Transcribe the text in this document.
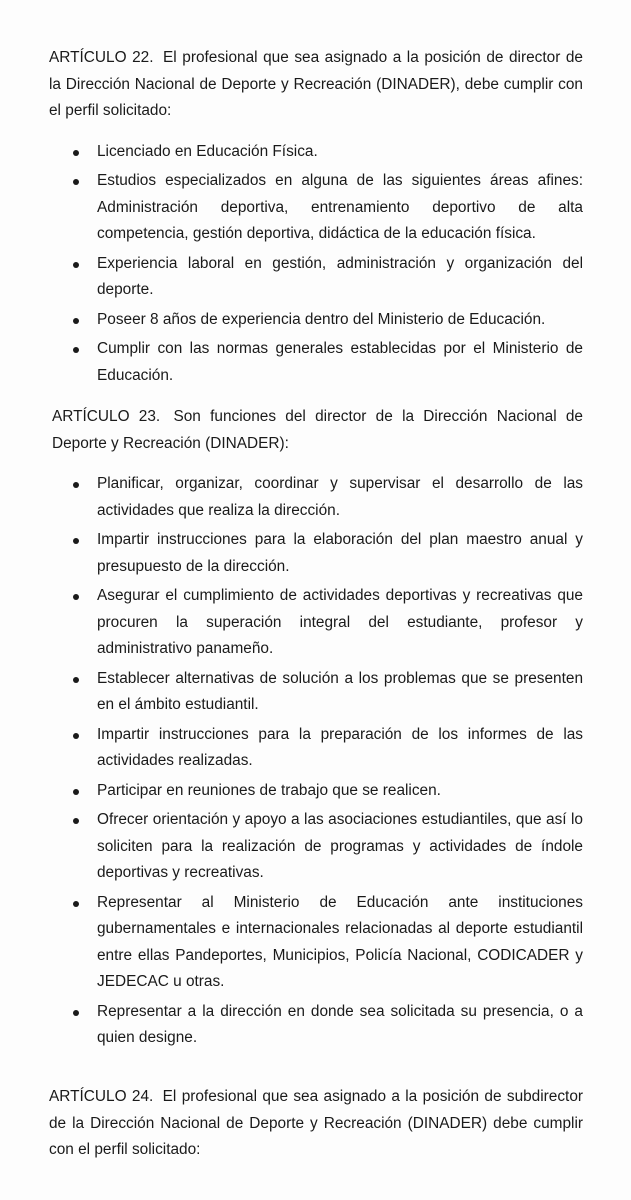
ARTÍCULO 22. El profesional que sea asignado a la posición de director de la Dirección Nacional de Deporte y Recreación (DINADER), debe cumplir con el perfil solicitado:

Licenciado en Educación Física.
Estudios especializados en alguna de las siguientes áreas afines: Administración deportiva, entrenamiento deportivo de alta competencia, gestión deportiva, didáctica de la educación física.
Experiencia laboral en gestión, administración y organización del deporte.
Poseer 8 años de experiencia dentro del Ministerio de Educación.
Cumplir con las normas generales establecidas por el Ministerio de Educación.

ARTÍCULO 23. Son funciones del director de la Dirección Nacional de Deporte y Recreación (DINADER):

Planificar, organizar, coordinar y supervisar el desarrollo de las actividades que realiza la dirección.
Impartir instrucciones para la elaboración del plan maestro anual y presupuesto de la dirección.
Asegurar el cumplimiento de actividades deportivas y recreativas que procuren la superación integral del estudiante, profesor y administrativo panameño.
Establecer alternativas de solución a los problemas que se presenten en el ámbito estudiantil.
Impartir instrucciones para la preparación de los informes de las actividades realizadas.
Participar en reuniones de trabajo que se realicen.
Ofrecer orientación y apoyo a las asociaciones estudiantiles, que así lo soliciten para la realización de programas y actividades de índole deportivas y recreativas.
Representar al Ministerio de Educación ante instituciones gubernamentales e internacionales relacionadas al deporte estudiantil entre ellas Pandeportes, Municipios, Policía Nacional, CODICADER y JEDECAC u otras.
Representar a la dirección en donde sea solicitada su presencia, o a quien designe.

ARTÍCULO 24. El profesional que sea asignado a la posición de subdirector de la Dirección Nacional de Deporte y Recreación (DINADER) debe cumplir con el perfil solicitado:
